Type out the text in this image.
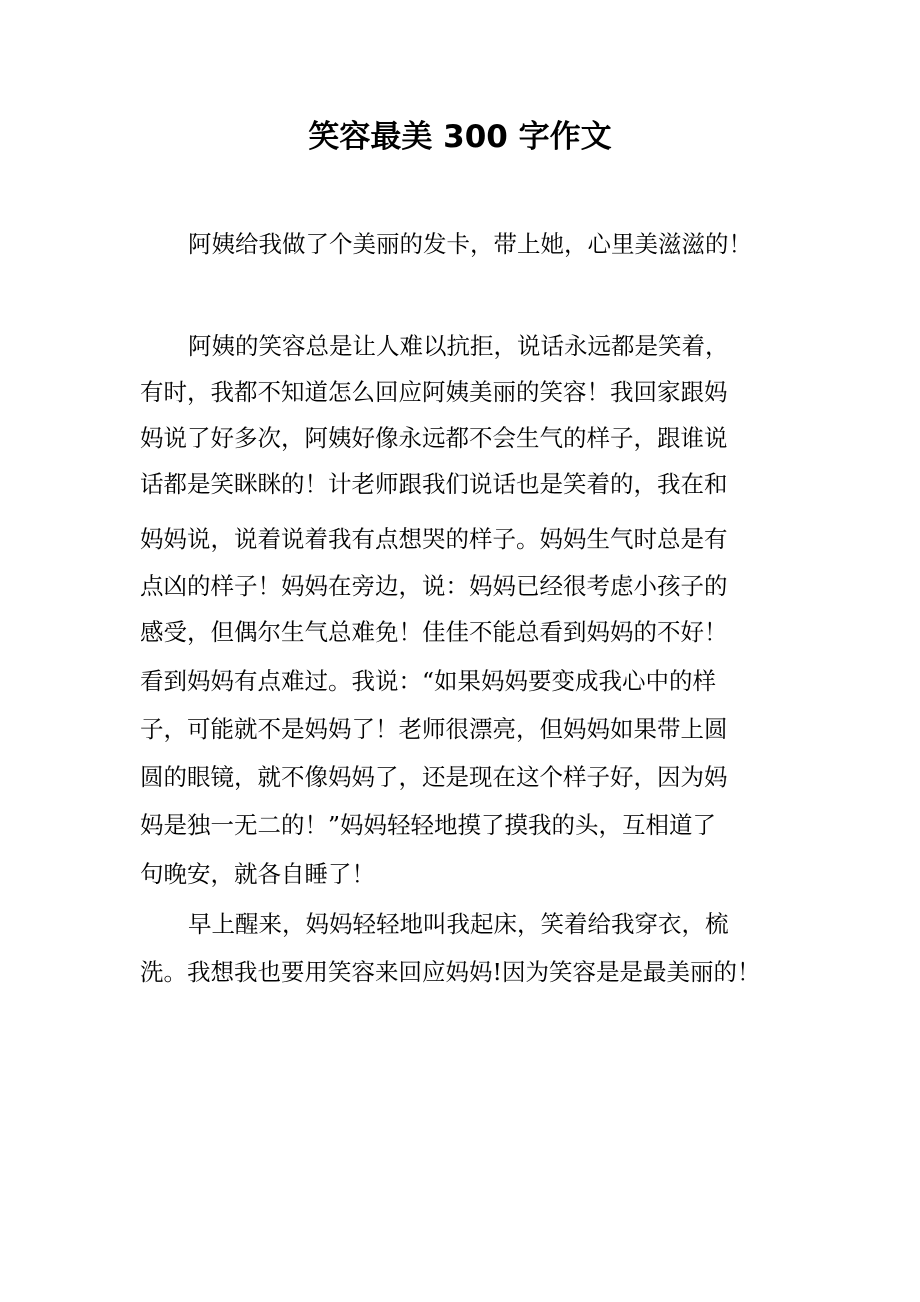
笑容最美 300 字作文

阿姨给我做了个美丽的发卡，带上她，心里美滋滋的！

阿姨的笑容总是让人难以抗拒，说话永远都是笑着，

有时，我都不知道怎么回应阿姨美丽的笑容！我回家跟妈

妈说了好多次，阿姨好像永远都不会生气的样子，跟谁说

话都是笑眯眯的！计老师跟我们说话也是笑着的，我在和

妈妈说，说着说着我有点想哭的样子。妈妈生气时总是有

点凶的样子！妈妈在旁边，说：妈妈已经很考虑小孩子的

感受，但偶尔生气总难免！佳佳不能总看到妈妈的不好！

看到妈妈有点难过。我说：“如果妈妈要变成我心中的样

子，可能就不是妈妈了！老师很漂亮，但妈妈如果带上圆

圆的眼镜，就不像妈妈了，还是现在这个样子好，因为妈

妈是独一无二的！”妈妈轻轻地摸了摸我的头，互相道了

句晚安，就各自睡了！

早上醒来，妈妈轻轻地叫我起床，笑着给我穿衣，梳

洗。我想我也要用笑容来回应妈妈!因为笑容是是最美丽的！
